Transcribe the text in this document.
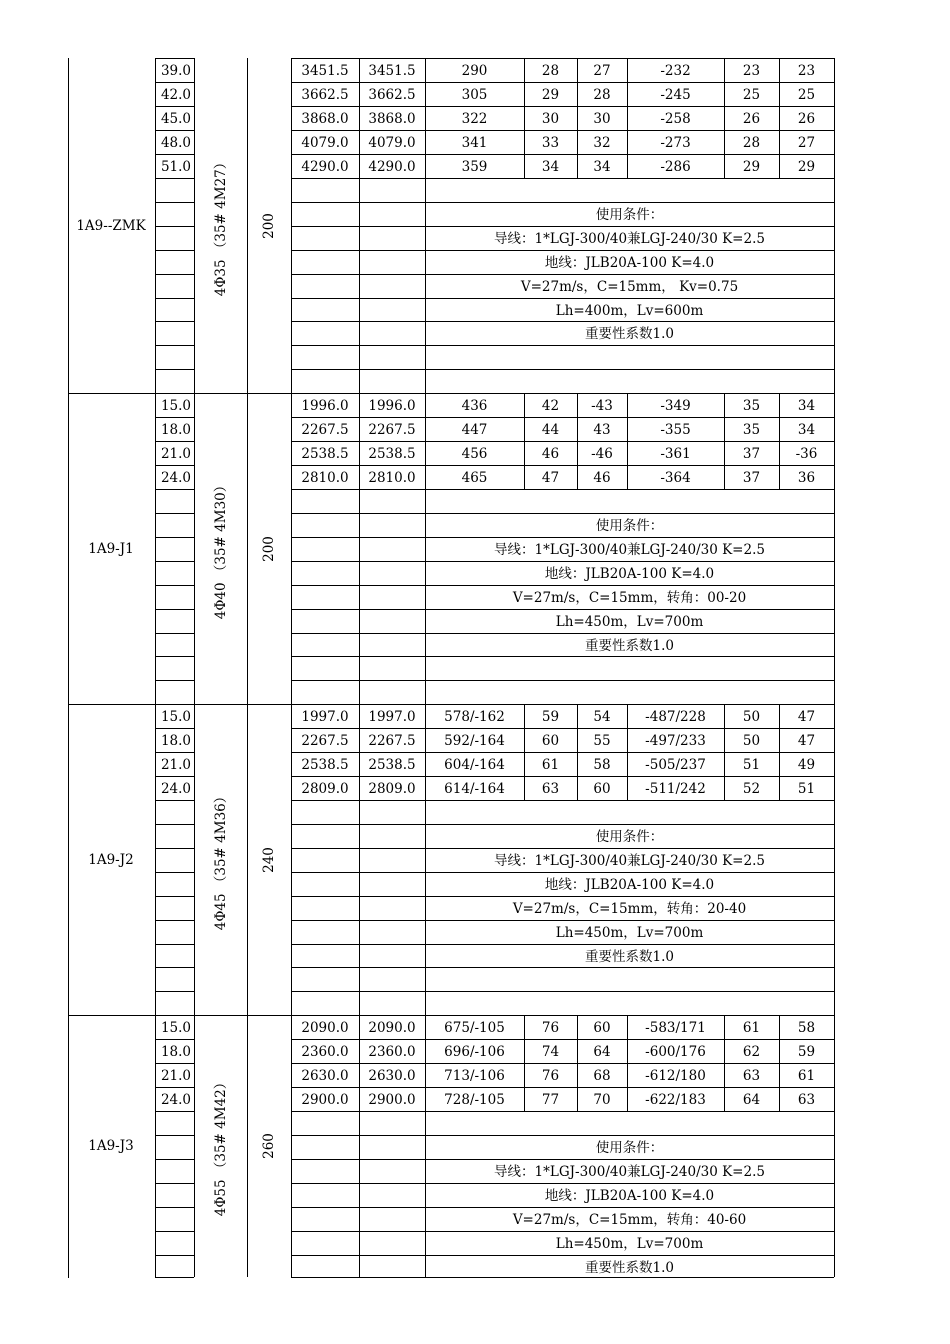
39.0	3451.5	3451.5	290	28	27	-232	23	23
42.0	3662.5	3662.5	305	29	28	-245	25	25
45.0	3868.0	3868.0	322	30	30	-258	26	26
48.0	4079.0	4079.0	341	33	32	-273	28	27
51.0	4290.0	4290.0	359	34	34	-286	29	29
使用条件：
导线：1*LGJ-300/40兼LGJ-240/30 K=2.5
地线：JLB20A-100 K=4.0
V=27m/s，C=15mm， Kv=0.75
Lh=400m，Lv=600m
重要性系数1.0
1A9--ZMK	4Φ35 （35# 4M27） 200
15.0	1996.0	1996.0	436	42	-43	-349	35	34
18.0	2267.5	2267.5	447	44	43	-355	35	34
21.0	2538.5	2538.5	456	46	-46	-361	37	-36
24.0	2810.0	2810.0	465	47	46	-364	37	36
使用条件：
导线：1*LGJ-300/40兼LGJ-240/30 K=2.5
地线：JLB20A-100 K=4.0
V=27m/s，C=15mm，转角：00-20
Lh=450m，Lv=700m
重要性系数1.0
1A9-J1	4Φ40 （35# 4M30） 200
15.0	1997.0	1997.0	578/-162	59	54	-487/228	50	47
18.0	2267.5	2267.5	592/-164	60	55	-497/233	50	47
21.0	2538.5	2538.5	604/-164	61	58	-505/237	51	49
24.0	2809.0	2809.0	614/-164	63	60	-511/242	52	51
使用条件：
导线：1*LGJ-300/40兼LGJ-240/30 K=2.5
地线：JLB20A-100 K=4.0
V=27m/s，C=15mm，转角：20-40
Lh=450m，Lv=700m
重要性系数1.0
1A9-J2	4Φ45 （35# 4M36） 240
15.0	2090.0	2090.0	675/-105	76	60	-583/171	61	58
18.0	2360.0	2360.0	696/-106	74	64	-600/176	62	59
21.0	2630.0	2630.0	713/-106	76	68	-612/180	63	61
24.0	2900.0	2900.0	728/-105	77	70	-622/183	64	63
使用条件：
导线：1*LGJ-300/40兼LGJ-240/30 K=2.5
地线：JLB20A-100 K=4.0
V=27m/s，C=15mm，转角：40-60
Lh=450m，Lv=700m
重要性系数1.0
1A9-J3	4Φ55 （35# 4M42） 260
